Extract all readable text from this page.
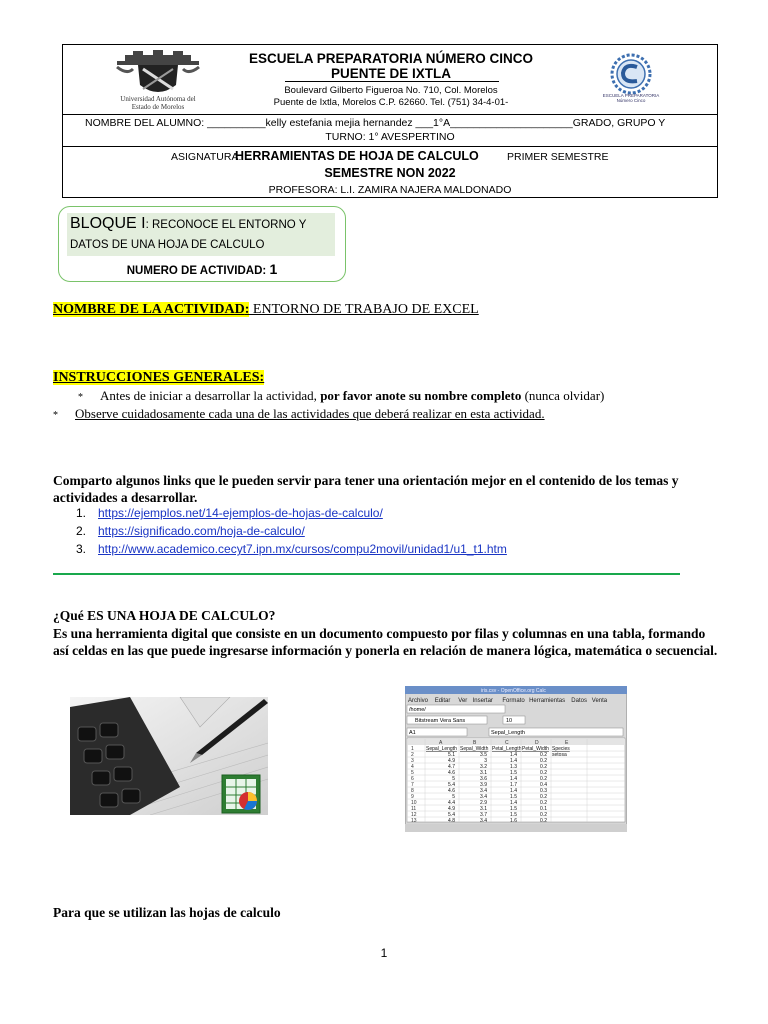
Universidad Autónoma del
Estado de Morelos
ESCUELA PREPARATORIA NÚMERO CINCO
PUENTE DE IXTLA
Boulevard Gilberto Figueroa No. 710, Col. Morelos
Puente de Ixtla, Morelos C.P. 62660. Tel. (751) 34-4-01-
ESCUELA PREPARATORIA
Número Cinco
NOMBRE DEL ALUMNO: __________kelly estefania mejia hernandez ___1°A_____________________GRADO, GRUPO Y
TURNO: 1° AVESPERTINO
ASIGNATURA:
HERRAMIENTAS DE HOJA DE CALCULO	PRIMER SEMESTRE
SEMESTRE NON 2022
PROFESORA: L.I. ZAMIRA NAJERA MALDONADO
BLOQUE I: RECONOCE EL ENTORNO Y DATOS DE UNA HOJA DE CALCULO
NUMERO DE ACTIVIDAD: 1
NOMBRE DE LA ACTIVIDAD: ENTORNO DE TRABAJO DE EXCEL
INSTRUCCIONES GENERALES:
* Antes de iniciar a desarrollar la actividad, por favor anote su nombre completo (nunca olvidar)
* Observe cuidadosamente cada una de las actividades que deberá realizar en esta actividad.
Comparto algunos links que le pueden servir para tener una orientación mejor en el contenido de los temas y actividades a desarrollar.
1. https://ejemplos.net/14-ejemplos-de-hojas-de-calculo/
2. https://significado.com/hoja-de-calculo/
3. http://www.academico.cecyt7.ipn.mx/cursos/compu2movil/unidad1/u1_t1.htm
¿Qué ES UNA HOJA DE CALCULO?
Es una herramienta digital que consiste en un documento compuesto por filas y columnas en una tabla, formando así celdas en las que puede ingresarse información y ponerla en relación de manera lógica, matemática o secuencial.
iris.csv - OpenOffice.org Calc
Archivo Editar Ver Insertar Formato Herramientas Datos Venta
/home/
Bitstream Vera Sans	10
A1	Sepal_Length
A	B	C	D	E
1 Sepal_Length Sepal_Width Petal_Length Petal_Width Species
2	5.1	3.5	1.4	0.2 setosa
3	4.9	3	1.4	0.2
4	4.7	3.2	1.3	0.2
5	4.6	3.1	1.5	0.2
6	5	3.6	1.4	0.2
7	5.4	3.9	1.7	0.4
8	4.6	3.4	1.4	0.3
9	5	3.4	1.5	0.2
10	4.4	2.9	1.4	0.2
11	4.9	3.1	1.5	0.1
12	5.4	3.7	1.5	0.2
13	4.8	3.4	1.6	0.2
Para que se utilizan las hojas de calculo
1
